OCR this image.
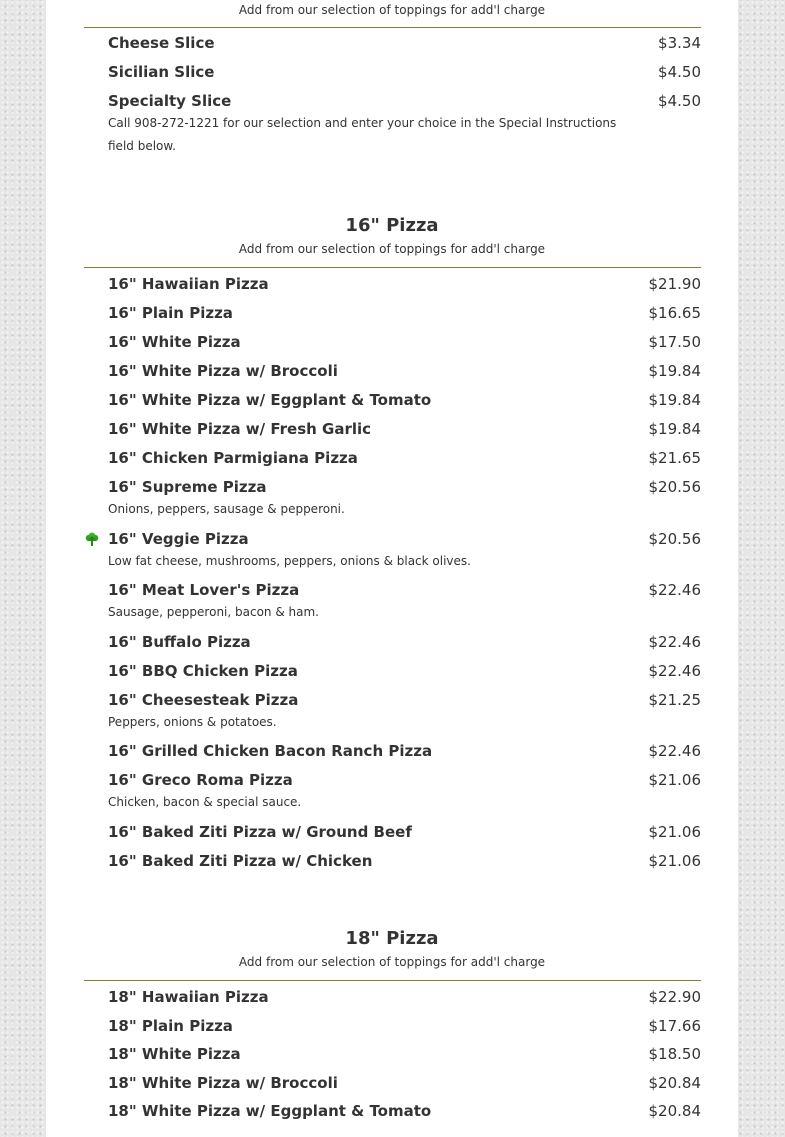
Add from our selection of toppings for add'l charge
Cheese Slice	$3.34
Sicilian Slice	$4.50
Specialty Slice	$4.50
Call 908-272-1221 for our selection and enter your choice in the Special Instructions field below.
16" Pizza
Add from our selection of toppings for add'l charge
16" Hawaiian Pizza	$21.90
16" Plain Pizza	$16.65
16" White Pizza	$17.50
16" White Pizza w/ Broccoli	$19.84
16" White Pizza w/ Eggplant & Tomato	$19.84
16" White Pizza w/ Fresh Garlic	$19.84
16" Chicken Parmigiana Pizza	$21.65
16" Supreme Pizza	$20.56
Onions, peppers, sausage & pepperoni.
16" Veggie Pizza	$20.56
Low fat cheese, mushrooms, peppers, onions & black olives.
16" Meat Lover's Pizza	$22.46
Sausage, pepperoni, bacon & ham.
16" Buffalo Pizza	$22.46
16" BBQ Chicken Pizza	$22.46
16" Cheesesteak Pizza	$21.25
Peppers, onions & potatoes.
16" Grilled Chicken Bacon Ranch Pizza	$22.46
16" Greco Roma Pizza	$21.06
Chicken, bacon & special sauce.
16" Baked Ziti Pizza w/ Ground Beef	$21.06
16" Baked Ziti Pizza w/ Chicken	$21.06
18" Pizza
Add from our selection of toppings for add'l charge
18" Hawaiian Pizza	$22.90
18" Plain Pizza	$17.66
18" White Pizza	$18.50
18" White Pizza w/ Broccoli	$20.84
18" White Pizza w/ Eggplant & Tomato	$20.84
